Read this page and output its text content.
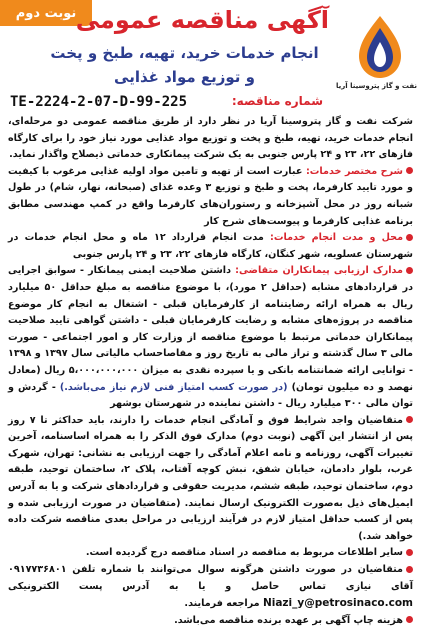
نوبت دوم
نفت و گاز پتروسینا آریا
آگهی مناقصه عمومی
انجام خدمات خرید، تهیه، طبخ و پخت
و توزیع مواد غذایی
شماره مناقصه:
TE-2224-2-07-D-99-225

شرکت نفت و گاز پتروسینا آریا در نظر دارد از طریق مناقصه عمومی دو مرحله‌ای، انجام خدمات خرید، تهیه، طبخ و پخت و توزیع مواد غذایی مورد نیاز خود را برای کارگاه فازهای ۲۲، ۲۳ و ۲۴ پارس جنوبی به یک شرکت پیمانکاری خدماتی ذیصلاح واگذار نماید.

شرح مختصر خدمات: عبارت است از تهیه و تامین مواد اولیه غذایی مرغوب با کیفیت و مورد تایید کارفرما، پخت و طبخ و توزیع ۳ وعده غذای (صبحانه، نهار، شام) در طول شبانه روز در محل آشپزخانه و رستوران‌های کارفرما واقع در کمپ مهندسی مطابق برنامه غذایی کارفرما و پیوست‌های شرح کار

محل و مدت انجام خدمات: مدت انجام قرارداد ۱۲ ماه و محل انجام خدمات در شهرستان عسلویه، شهر کنگان، کارگاه فازهای ۲۲، ۲۳ و ۲۴ پارس جنوبی

مدارک ارزیابی پیمانکاران متقاضی: داشتن صلاحیت ایمنی پیمانکار - سوابق اجرایی در قراردادهای مشابه (حداقل ۲ مورد)، با موضوع مناقصه به مبلغ حداقل ۵۰ میلیارد ریال به همراه ارائه رضایتنامه از کارفرمایان قبلی - اشتغال به انجام کار موضوع مناقصه در پروژه‌های مشابه و رضایت کارفرمایان قبلی - داشتن گواهی تایید صلاحیت پیمانکاران خدماتی مرتبط با موضوع مناقصه از وزارت کار و امور اجتماعی - صورت مالی ۳ سال گذشته و تراز مالی به تاریخ روز و مفاصاحساب مالیاتی سال ۱۳۹۷ و ۱۳۹۸ - توانایی ارائه ضمانتنامه بانکی و یا سپرده نقدی به میزان ۵،۰۰۰،۰۰۰،۰۰۰ ریال (معادل نهصد و ده میلیون تومان) (در صورت کسب امتیاز فنی لازم نیاز می‌باشد.) - گردش و توان مالی ۳۰۰ میلیارد ریال - داشتن نماینده در شهرستان بوشهر

متقاضیان واجد شرایط فوق و آمادگی انجام خدمات را دارند، باید حداکثر تا ۷ روز پس از انتشار این آگهی (نوبت دوم) مدارک فوق الذکر را به همراه اساسنامه، آخرین تغییرات آگهی، روزنامه و نامه اعلام آمادگی را جهت ارزیابی به نشانی: تهران، شهرک غرب، بلوار دادمان، خیابان شفق، نبش کوچه آفتاب، پلاک ۲، ساختمان توحید، طبقه دوم، ساختمان توحید، طبقه ششم، مدیریت حقوقی و قراردادهای شرکت و یا به آدرس ایمیل‌های ذیل به‌صورت الکترونیک ارسال نمایند. (متقاضیان در صورت ارزیابی شده و پس از کسب حداقل امتیاز لازم در فرآیند ارزیابی در مراحل بعدی مناقصه شرکت داده خواهد شد.)

سایر اطلاعات مربوط به مناقصه در اسناد مناقصه درج گردیده است.

متقاضیان در صورت داشتن هرگونه سوال می‌توانند با شماره تلفن ۰۹۱۷۷۳۶۸۰۱ آقای نیازی تماس حاصل و یا به آدرس پست الکترونیکی Niazi_y@petrosinaco.com مراجعه فرمایند.

هزینه چاپ آگهی بر عهده برنده مناقصه می‌باشد.
